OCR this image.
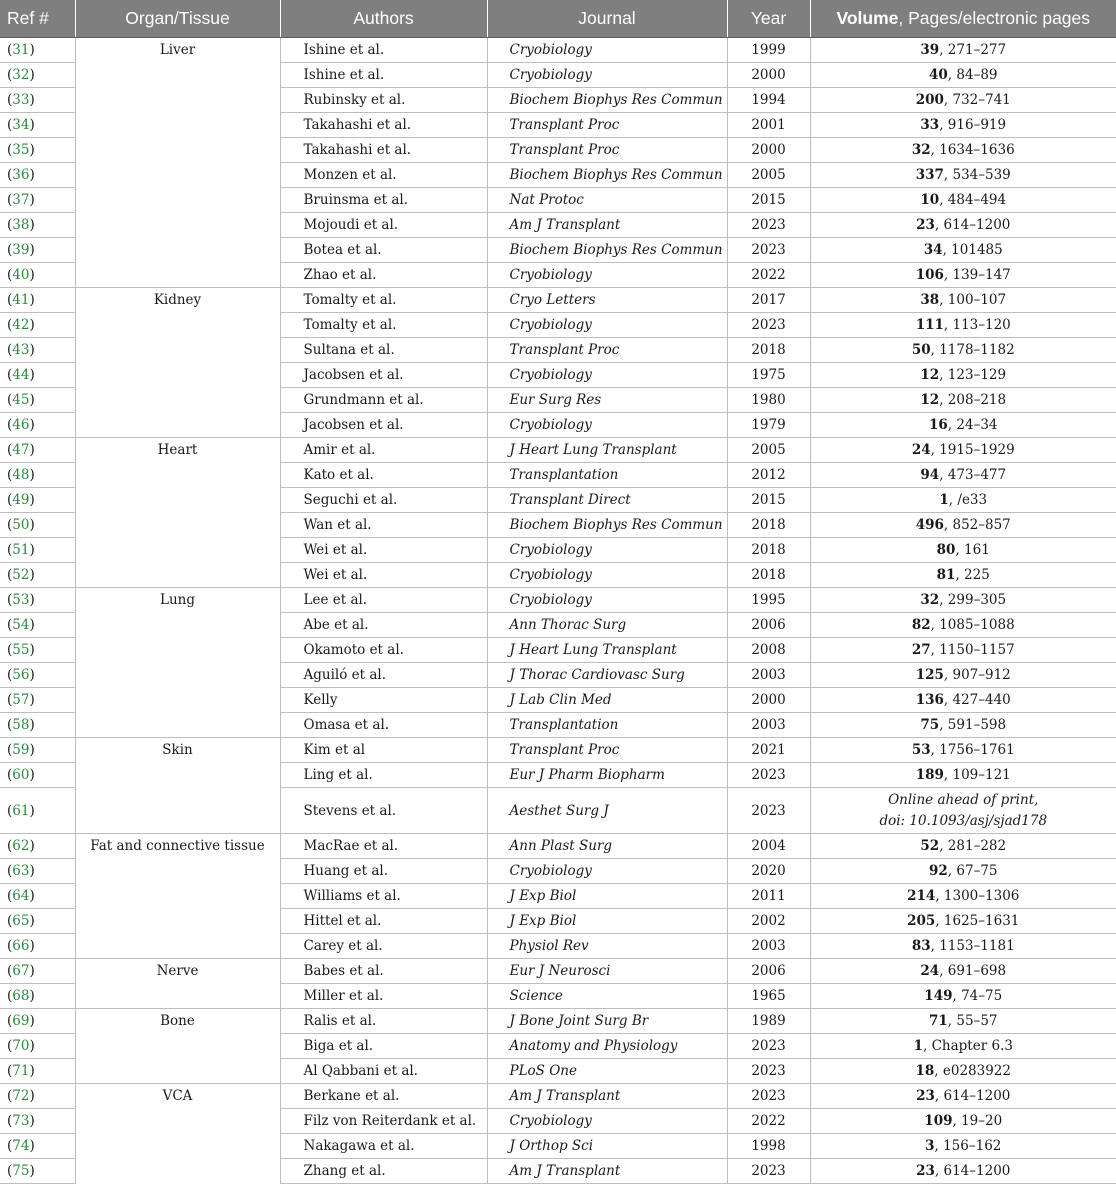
Ref #	Organ/Tissue	Authors	Journal	Year	Volume, Pages/electronic pages
(31)	Liver	Ishine et al.	Cryobiology	1999	39, 271–277
(32)		Ishine et al.	Cryobiology	2000	40, 84–89
(33)		Rubinsky et al.	Biochem Biophys Res Commun	1994	200, 732–741
(34)		Takahashi et al.	Transplant Proc	2001	33, 916–919
(35)		Takahashi et al.	Transplant Proc	2000	32, 1634–1636
(36)		Monzen et al.	Biochem Biophys Res Commun	2005	337, 534–539
(37)		Bruinsma et al.	Nat Protoc	2015	10, 484–494
(38)		Mojoudi et al.	Am J Transplant	2023	23, 614–1200
(39)		Botea et al.	Biochem Biophys Res Commun	2023	34, 101485
(40)		Zhao et al.	Cryobiology	2022	106, 139–147
(41)	Kidney	Tomalty et al.	Cryo Letters	2017	38, 100–107
(42)		Tomalty et al.	Cryobiology	2023	111, 113–120
(43)		Sultana et al.	Transplant Proc	2018	50, 1178–1182
(44)		Jacobsen et al.	Cryobiology	1975	12, 123–129
(45)		Grundmann et al.	Eur Surg Res	1980	12, 208–218
(46)		Jacobsen et al.	Cryobiology	1979	16, 24–34
(47)	Heart	Amir et al.	J Heart Lung Transplant	2005	24, 1915–1929
(48)		Kato et al.	Transplantation	2012	94, 473–477
(49)		Seguchi et al.	Transplant Direct	2015	1, /e33
(50)		Wan et al.	Biochem Biophys Res Commun	2018	496, 852–857
(51)		Wei et al.	Cryobiology	2018	80, 161
(52)		Wei et al.	Cryobiology	2018	81, 225
(53)	Lung	Lee et al.	Cryobiology	1995	32, 299–305
(54)		Abe et al.	Ann Thorac Surg	2006	82, 1085–1088
(55)		Okamoto et al.	J Heart Lung Transplant	2008	27, 1150–1157
(56)		Aguiló et al.	J Thorac Cardiovasc Surg	2003	125, 907–912
(57)		Kelly	J Lab Clin Med	2000	136, 427–440
(58)		Omasa et al.	Transplantation	2003	75, 591–598
(59)	Skin	Kim et al	Transplant Proc	2021	53, 1756–1761
(60)		Ling et al.	Eur J Pharm Biopharm	2023	189, 109–121
(61)		Stevens et al.	Aesthet Surg J	2023	Online ahead of print,
doi: 10.1093/asj/sjad178
(62)	Fat and connective tissue	MacRae et al.	Ann Plast Surg	2004	52, 281–282
(63)		Huang et al.	Cryobiology	2020	92, 67–75
(64)		Williams et al.	J Exp Biol	2011	214, 1300–1306
(65)		Hittel et al.	J Exp Biol	2002	205, 1625–1631
(66)		Carey et al.	Physiol Rev	2003	83, 1153–1181
(67)	Nerve	Babes et al.	Eur J Neurosci	2006	24, 691–698
(68)		Miller et al.	Science	1965	149, 74–75
(69)	Bone	Ralis et al.	J Bone Joint Surg Br	1989	71, 55–57
(70)		Biga et al.	Anatomy and Physiology	2023	1, Chapter 6.3
(71)		Al Qabbani et al.	PLoS One	2023	18, e0283922
(72)	VCA	Berkane et al.	Am J Transplant	2023	23, 614–1200
(73)		Filz von Reiterdank et al.	Cryobiology	2022	109, 19–20
(74)		Nakagawa et al.	J Orthop Sci	1998	3, 156–162
(75)		Zhang et al.	Am J Transplant	2023	23, 614–1200
